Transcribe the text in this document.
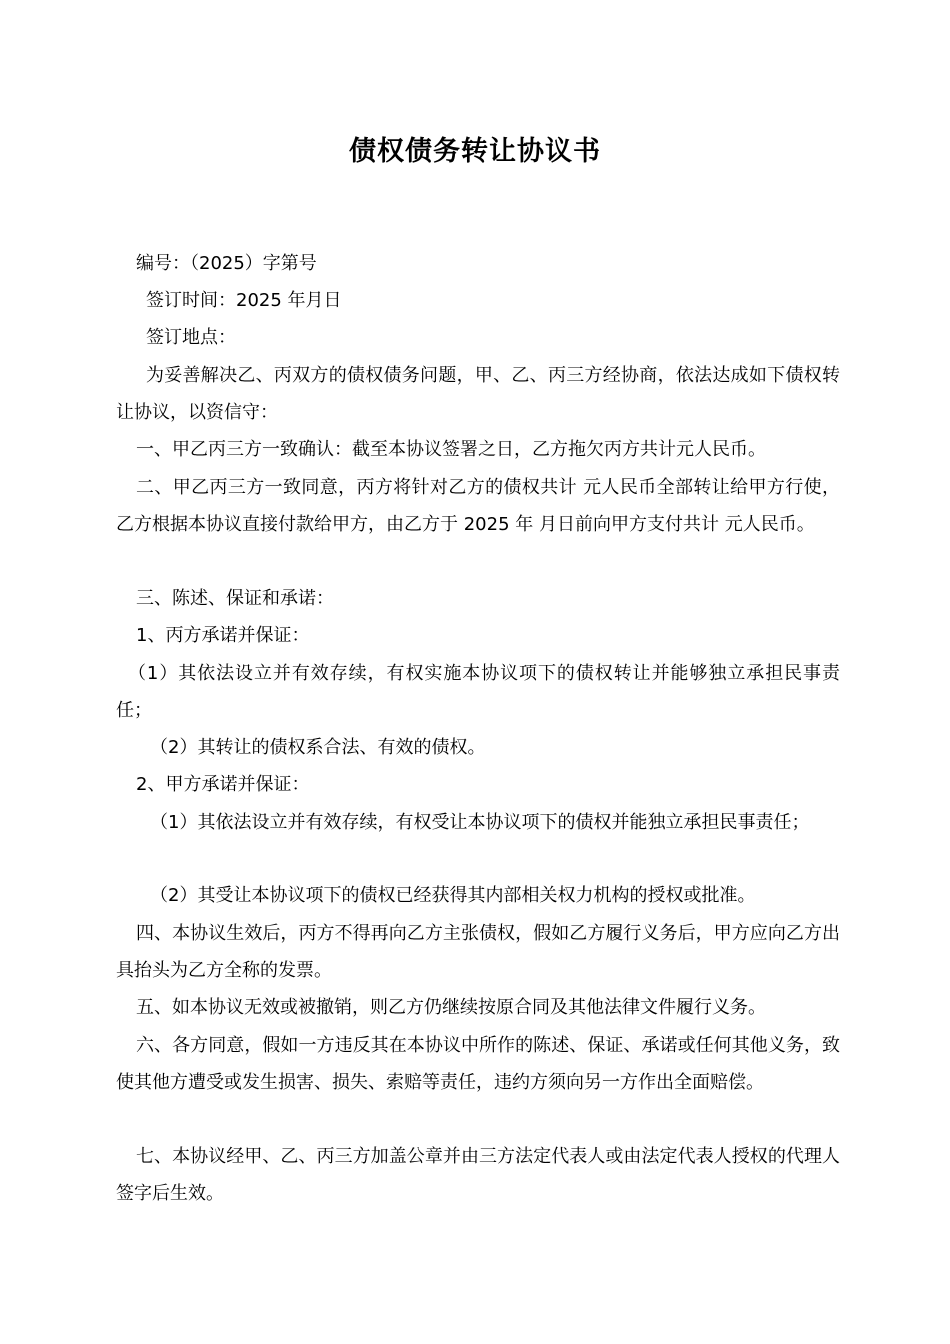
债权债务转让协议书
编号：（2025）字第号
签订时间：2025 年月日
签订地点：
为妥善解决乙、丙双方的债权债务问题，甲、乙、丙三方经协商，依法达成如下债权转让协议，以资信守：
一、甲乙丙三方一致确认：截至本协议签署之日，乙方拖欠丙方共计元人民币。
二、甲乙丙三方一致同意，丙方将针对乙方的债权共计 元人民币全部转让给甲方行使，乙方根据本协议直接付款给甲方，由乙方于 2025 年 月日前向甲方支付共计 元人民币。
三、陈述、保证和承诺：
1、丙方承诺并保证：
（1）其依法设立并有效存续，有权实施本协议项下的债权转让并能够独立承担民事责任；
（2）其转让的债权系合法、有效的债权。
2、甲方承诺并保证：
（1）其依法设立并有效存续，有权受让本协议项下的债权并能独立承担民事责任；
（2）其受让本协议项下的债权已经获得其内部相关权力机构的授权或批准。
四、本协议生效后，丙方不得再向乙方主张债权，假如乙方履行义务后，甲方应向乙方出具抬头为乙方全称的发票。
五、如本协议无效或被撤销，则乙方仍继续按原合同及其他法律文件履行义务。
六、各方同意，假如一方违反其在本协议中所作的陈述、保证、承诺或任何其他义务，致使其他方遭受或发生损害、损失、索赔等责任，违约方须向另一方作出全面赔偿。
七、本协议经甲、乙、丙三方加盖公章并由三方法定代表人或由法定代表人授权的代理人签字后生效。
